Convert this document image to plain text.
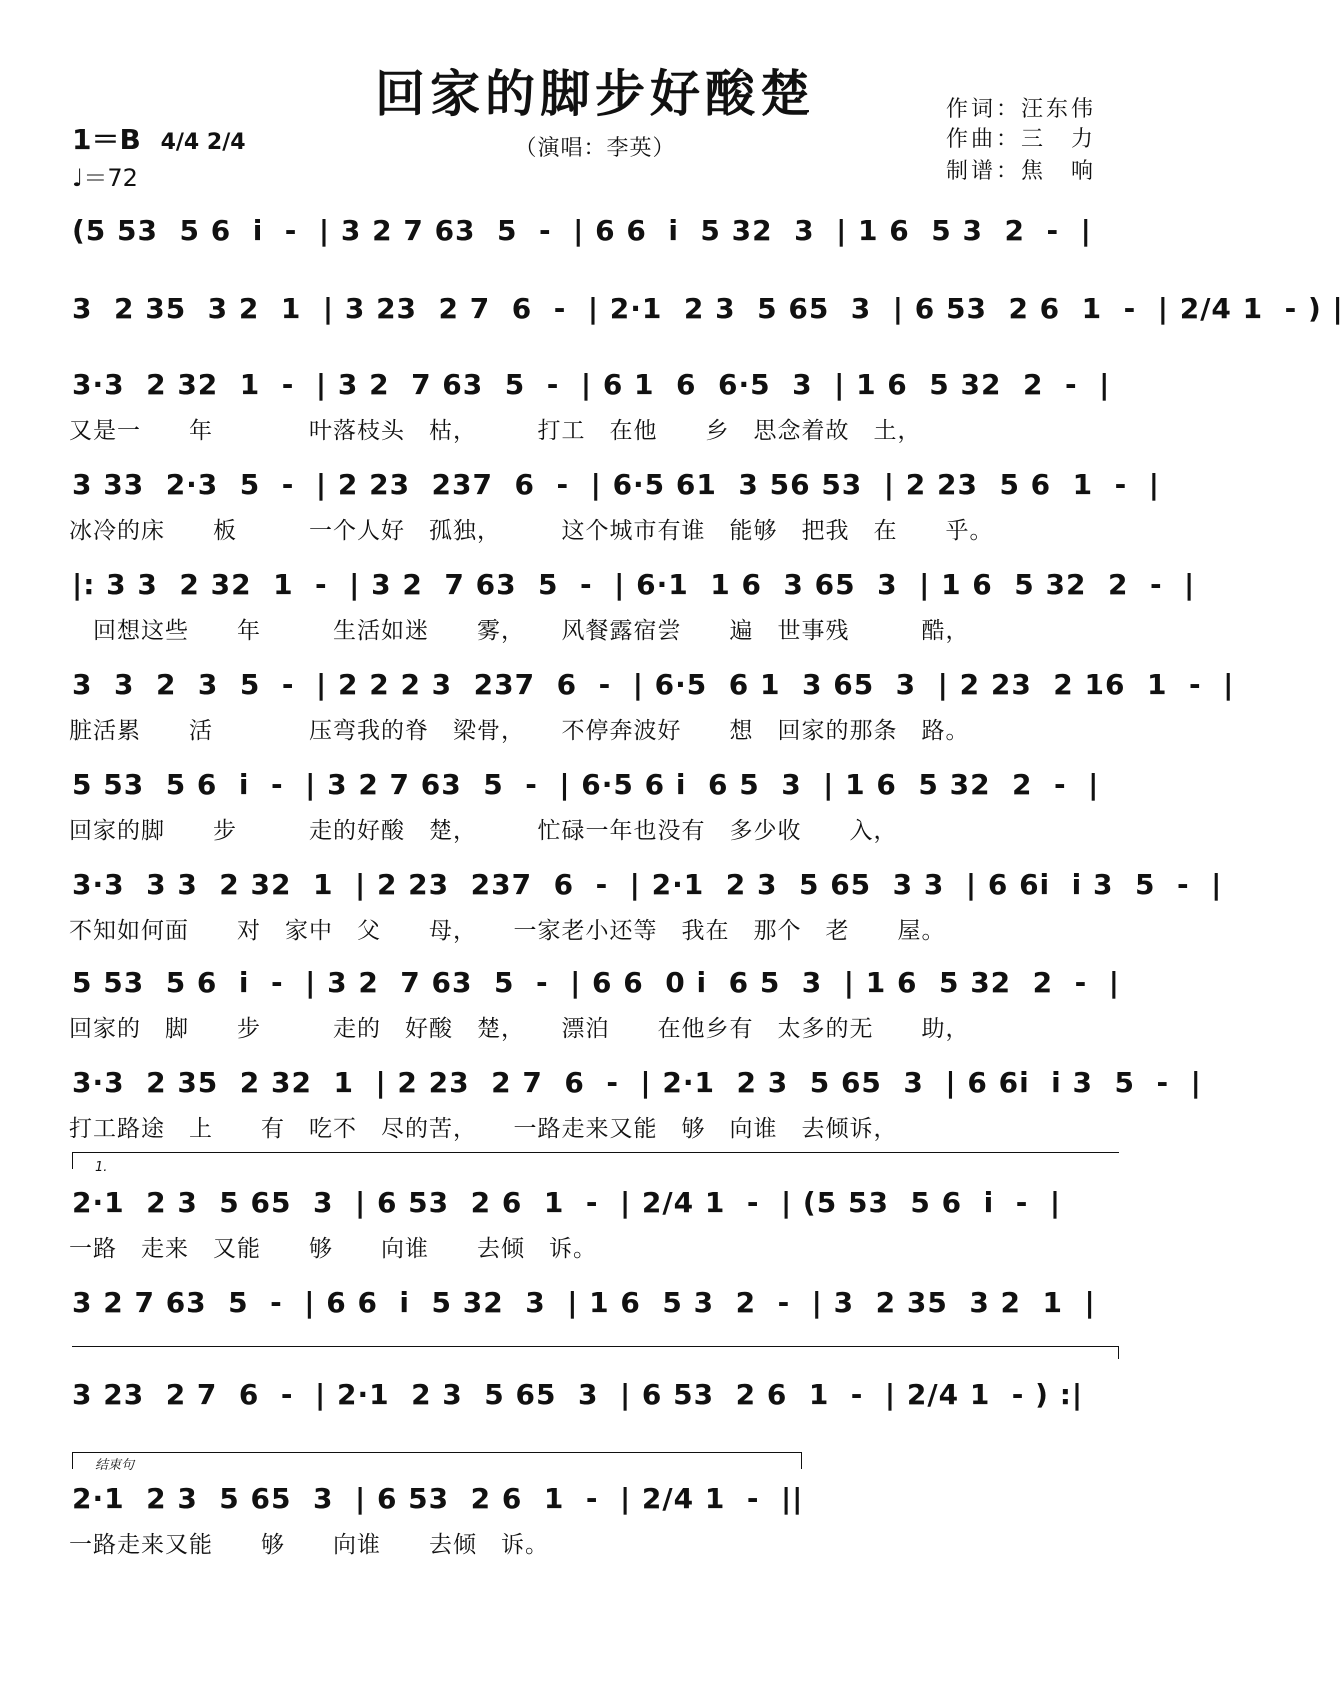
回家的脚步好酸楚
（演唱：李英）
作词：汪东伟
作曲：三　力
制谱：焦　响
1＝B 4/4 2/4
♩＝72
(5 53  5 6  i  -  | 3 2 7 63  5  -  | 6 6  i  5 32  3  | 1 6  5 3  2  -  |
3  2 35  3 2  1  | 3 23  2 7  6  -  | 2·1  2 3  5 65  3  | 6 53  2 6  1  -  | 2/4 1  - ) |
3·3  2 32  1  -  | 3 2  7 63  5  -  | 6 1  6  6·5  3  | 1 6  5 32  2  -  |
又是一　　年　　　　叶落枝头　枯，　　　打工　在他　　乡　思念着故　土，
3 33  2·3  5  -  | 2 23  237  6  -  | 6·5 61  3 56 53  | 2 23  5 6  1  -  |
冰冷的床　　板　　　一个人好　孤独，　　　这个城市有谁　能够　把我　在　　乎。
|: 3 3  2 32  1  -  | 3 2  7 63  5  -  | 6·1  1 6  3 65  3  | 1 6  5 32  2  -  |
　回想这些　　年　　　生活如迷　　雾，　　风餐露宿尝　　遍　世事残　　　酷，
3  3  2  3  5  -  | 2 2 2 3  237  6  -  | 6·5  6 1  3 65  3  | 2 23  2 16  1  -  |
脏活累　　活　　　　压弯我的脊　梁骨，　　不停奔波好　　想　回家的那条　路。
5 53  5 6  i  -  | 3 2 7 63  5  -  | 6·5 6 i  6 5  3  | 1 6  5 32  2  -  |
回家的脚　　步　　　走的好酸　楚，　　　忙碌一年也没有　多少收　　入，
3·3  3 3  2 32  1  | 2 23  237  6  -  | 2·1  2 3  5 65  3 3  | 6 6i  i 3  5  -  |
不知如何面　　对　家中　父　　母，　　一家老小还等　我在　那个　老　　屋。
5 53  5 6  i  -  | 3 2  7 63  5  -  | 6 6  0 i  6 5  3  | 1 6  5 32  2  -  |
回家的　脚　　步　　　走的　好酸　楚，　　漂泊　　在他乡有　太多的无　　助，
3·3  2 35  2 32  1  | 2 23  2 7  6  -  | 2·1  2 3  5 65  3  | 6 6i  i 3  5  -  |
打工路途　上　　有　吃不　尽的苦，　　一路走来又能　够　向谁　去倾诉，
1.
2·1  2 3  5 65  3  | 6 53  2 6  1  -  | 2/4 1  -  | (5 53  5 6  i  -  |
一路　走来　又能　　够　　向谁　　去倾　诉。
3 2 7 63  5  -  | 6 6  i  5 32  3  | 1 6  5 3  2  -  | 3  2 35  3 2  1  |
3 23  2 7  6  -  | 2·1  2 3  5 65  3  | 6 53  2 6  1  -  | 2/4 1  - ) :|
结束句
2·1  2 3  5 65  3  | 6 53  2 6  1  -  | 2/4 1  -  ||
一路走来又能　　够　　向谁　　去倾　诉。
